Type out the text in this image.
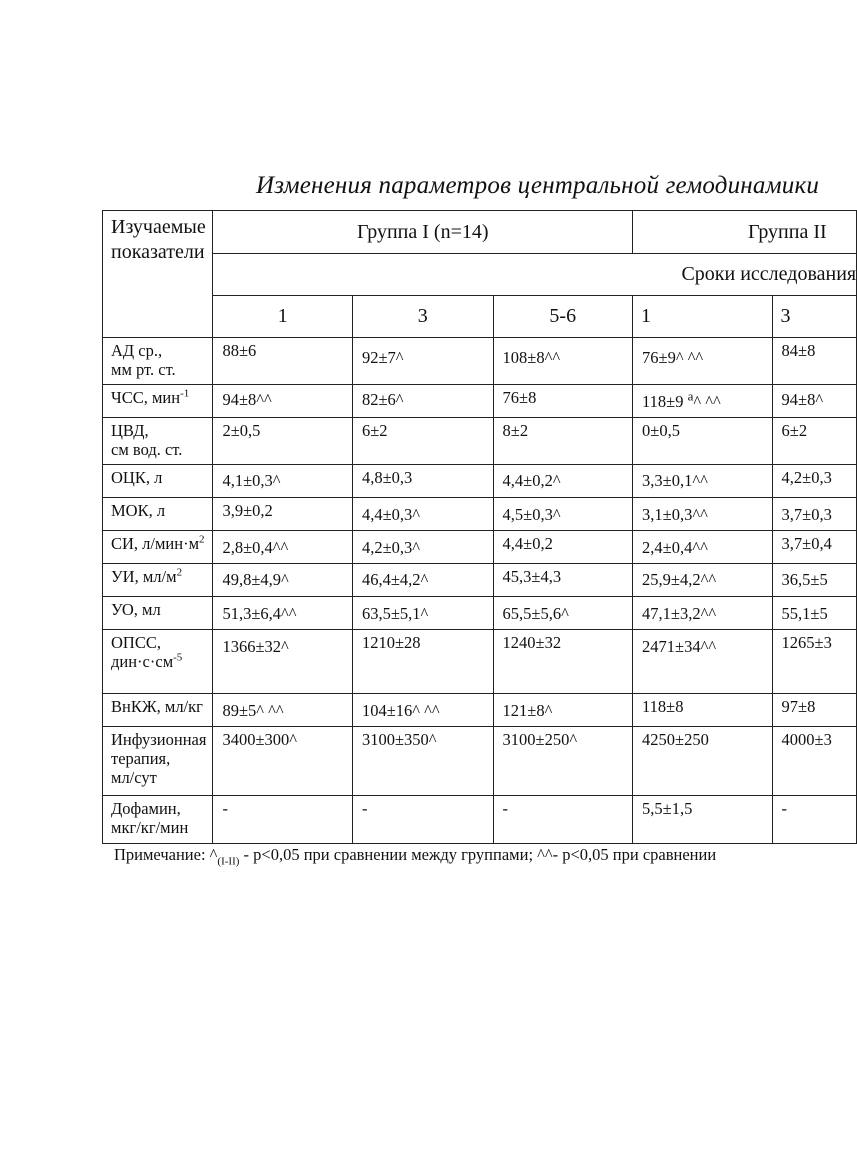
Изменения параметров центральной гемодинамики
Изучаемые
показатели	Группа I (n=14)			Группа II	
	Сроки исследования				
	1	3	5-6	1	3
АД ср.,
мм рт. ст.	88±6	92±7^	108±8^^	76±9^ ^^	84±8
ЧСС, мин$^{-1}$	94±8^^	82±6^	76±8	118±9 $^а$^ ^^	94±8^
ЦВД,
см вод. ст.	2±0,5	6±2	8±2	0±0,5	6±2
ОЦК, л	4,1±0,3^	4,8±0,3	4,4±0,2^	3,3±0,1^^	4,2±0,3
МОК, л	3,9±0,2	4,4±0,3^	4,5±0,3^	3,1±0,3^^	3,7±0,3
СИ, $л/мин\cdot м^2$	2,8±0,4^^	4,2±0,3^	4,4±0,2	2,4±0,4^^	3,7±0,4
УИ, $мл/м^2$	49,8±4,9^	46,4±4,2^	45,3±4,3	25,9±4,2^^	36,5±5
УО, мл	51,3±6,4^^	63,5±5,1^	65,5±5,6^	47,1±3,2^^	55,1±5
ОПСС,
$дин\cdot с\cdot см^{-5}$	1366±32^	1210±28	1240±32	2471±34^^	1265±3
ВнКЖ, мл/кг	89±5^ ^^	104±16^ ^^	121±8^	118±8	97±8
Инфузионная
терапия,
мл/сут	3400±300^	3100±350^	3100±250^	4250±250	4000±3
Дофамин,
мкг/кг/мин	-	-	-	5,5±1,5	-
Примечание: $\^{}_{(I-II)} - р<0,05$ при сравнении между группами; ^^- р<0,05 при сравнении
